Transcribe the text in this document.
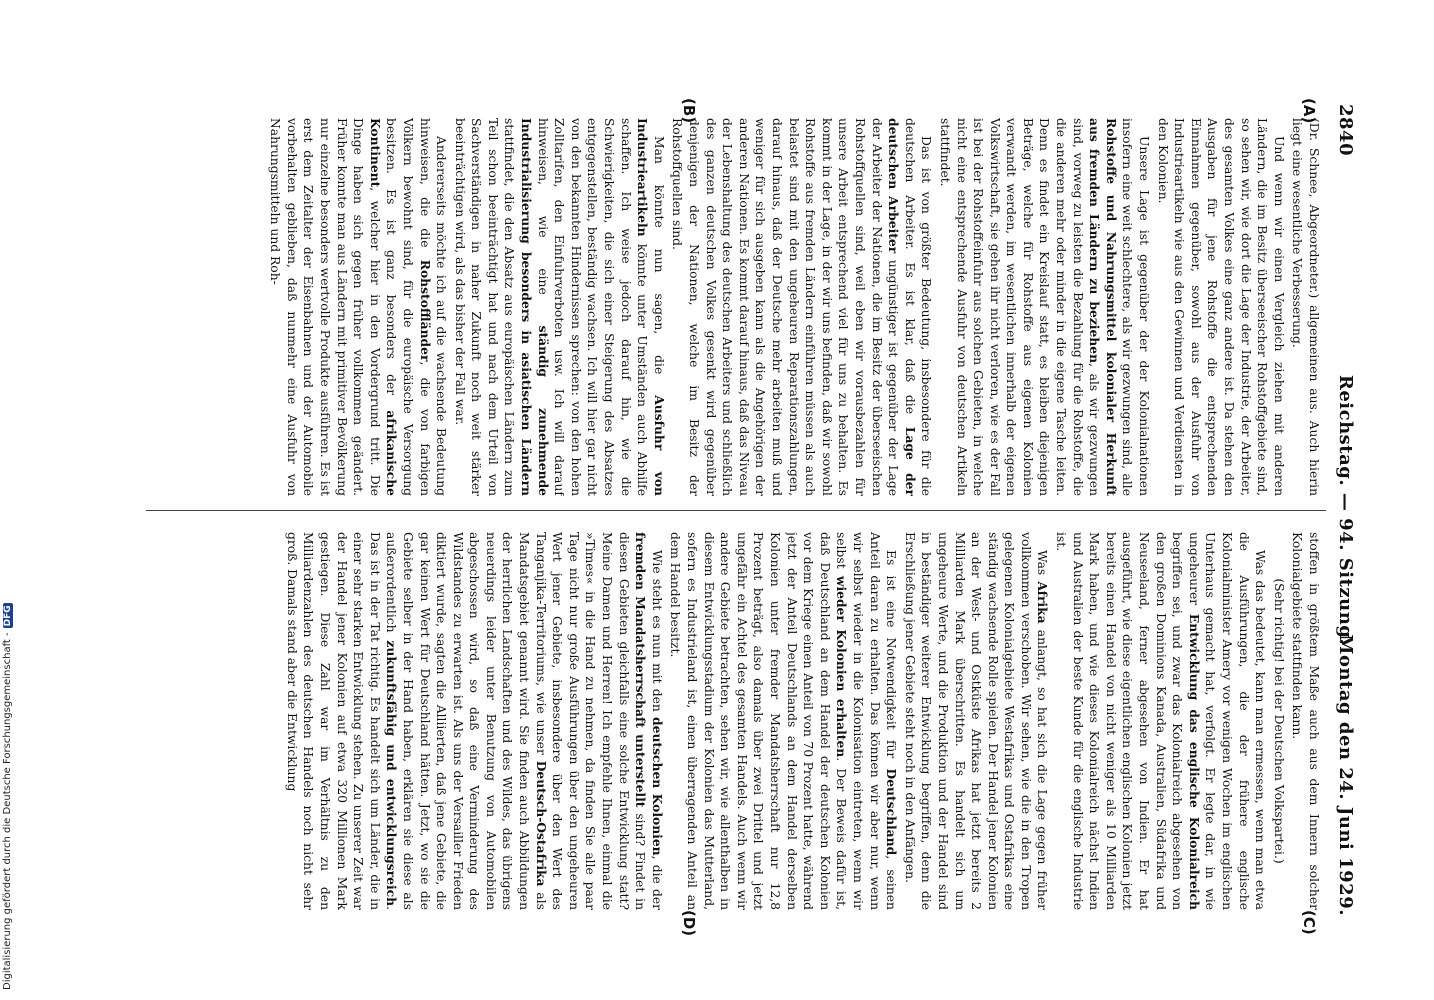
2840
Reichstag. — 94. Sitzung.
Montag den 24. Juni 1929.
(A)
(B)
(C)
(D)

(Dr. Schnee, Abgeordneter.) allgemeinen aus. Auch hierin liegt eine wesentliche Verbesserung.

Und wenn wir einen Vergleich ziehen mit anderen Ländern, die im Besitz überseeischer Rohstoffgebiete sind, so sehen wir, wie dort die Lage der Industrie, der Arbeiter, des gesamten Volkes eine ganz andere ist. Da stehen den Ausgaben für jene Rohstoffe die entsprechenden Einnahmen gegenüber, sowohl aus der Ausfuhr von Industrieartikeln wie aus den Gewinnen und Verdiensten in den Kolonien.

Unsere Lage ist gegenüber der der Kolonialnationen insofern eine weit schlechtere, als wir gezwungen sind, alle Rohstoffe und Nahrungsmittel kolonialer Herkunft aus fremden Ländern zu beziehen, als wir gezwungen sind, vorweg zu leisten die Bezahlung für die Rohstoffe, die die anderen mehr oder minder in die eigene Tasche leiten. Denn es findet ein Kreislauf statt, es bleiben diejenigen Beträge, welche für Rohstoffe aus eigenen Kolonien verwandt werden, im wesentlichen innerhalb der eigenen Volkswirtschaft, sie gehen ihr nicht verloren, wie es der Fall ist bei der Rohstoffeinfuhr aus solchen Gebieten, in welche nicht eine entsprechende Ausfuhr von deutschen Artikeln stattfindet.

Das ist von größter Bedeutung, insbesondere für die deutschen Arbeiter. Es ist klar, daß die Lage der deutschen Arbeiter ungünstiger ist gegenüber der Lage der Arbeiter der Nationen, die im Besitz der überseeischen Rohstoffquellen sind, weil eben wir vorausbezahlen für unsere Arbeit entsprechend viel für uns zu behalten. Es kommt in der Lage, in der wir uns befinden, daß wir sowohl Rohstoffe aus fremden Ländern einführen müssen als auch belastet sind mit den ungeheuren Reparationszahlungen, darauf hinaus, daß der Deutsche mehr arbeiten muß und weniger für sich ausgeben kann als die Angehörigen der anderen Nationen. Es kommt darauf hinaus, daß das Niveau der Lebenshaltung des deutschen Arbeiters und schließlich des ganzen deutschen Volkes gesenkt wird gegenüber denjenigen der Nationen, welche im Besitz der Rohstoffquellen sind.

Man könnte nun sagen, die Ausfuhr von Industrieartikeln könnte unter Umständen auch Abhilfe schaffen. Ich weise jedoch darauf hin, wie die Schwierigkeiten, die sich einer Steigerung des Absatzes entgegenstellen, beständig wachsen. Ich will hier gar nicht von den bekannten Hindernissen sprechen: von den hohen Zolltarifen, den Einfuhrverboten usw. Ich will darauf hinweisen, wie eine ständig zunehmende Industrialisierung besonders in asiatischen Ländern stattfindet, die den Absatz aus europäischen Ländern zum Teil schon beeinträchtigt hat und nach dem Urteil von Sachverständigen in naher Zukunft noch weit stärker beeinträchtigen wird, als das bisher der Fall war.

Andererseits möchte ich auf die wachsende Bedeutung hinweisen, die die Rohstoffländer, die von farbigen Völkern bewohnt sind, für die europäische Versorgung besitzen. Es ist ganz besonders der afrikanische Kontinent, welcher hier in den Vordergrund tritt. Die Dinge haben sich gegen früher vollkommen geändert. Früher konnte man aus Ländern mit primitiver Bevölkerung nur einzelne besonders wertvolle Produkte ausführen. Es ist erst dem Zeitalter der Eisenbahnen und der Automobile vorbehalten geblieben, daß nunmehr eine Ausfuhr von Nahrungsmitteln und Roh-

stoffen in größtem Maße auch aus dem Innern solcher Kolonialgebiete stattfinden kann.

(Sehr richtig! bei der Deutschen Volkspartei.)

Was das bedeutet, kann man ermessen, wenn man etwa die Ausführungen, die der frühere englische Kolonialminister Amery vor wenigen Wochen im englischen Unterhaus gemacht hat, verfolgt. Er legte dar, in wie ungeheurer Entwicklung das englische Kolonialreich begriffen sei, und zwar das Kolonialreich abgesehen von den großen Dominions Kanada, Australien, Südafrika und Neuseeland, ferner abgesehen von Indien. Er hat ausgeführt, wie diese eigentlichen englischen Kolonien jetzt bereits einen Handel von nicht weniger als 10 Milliarden Mark haben, und wie dieses Kolonialreich nächst Indien und Australien der beste Kunde für die englische Industrie ist.

Was Afrika anlangt, so hat sich die Lage gegen früher vollkommen verschoben. Wir sehen, wie die in den Tropen gelegenen Kolonialgebiete Westafrikas und Ostafrikas eine ständig wachsende Rolle spielen. Der Handel jener Kolonien an der West- und Ostküste Afrikas hat jetzt bereits 2 Milliarden Mark überschritten. Es handelt sich um ungeheure Werte, und die Produktion und der Handel sind in beständiger weiterer Entwicklung begriffen, denn die Erschließung jener Gebiete steht noch in den Anfängen.

Es ist eine Notwendigkeit für Deutschland, seinen Anteil daran zu erhalten. Das können wir aber nur, wenn wir selbst wieder in die Kolonisation eintreten, wenn wir selbst wieder Kolonien erhalten. Der Beweis dafür ist, daß Deutschland an dem Handel der deutschen Kolonien vor dem Kriege einen Anteil von 70 Prozent hatte, während jetzt der Anteil Deutschlands an dem Handel derselben Kolonien unter fremder Mandatsherrschaft nur 12,8 Prozent beträgt, also damals über zwei Drittel und jetzt ungefähr ein Achtel des gesamten Handels. Auch wenn wir andere Gebiete betrachten, sehen wir, wie allenthalben in diesem Entwicklungsstadium der Kolonien das Mutterland, sofern es Industrieland ist, einen überragenden Anteil an dem Handel besitzt.

Wie steht es nun mit den deutschen Kolonien, die der fremden Mandatsherrschaft unterstellt sind? Findet in diesen Gebieten gleichfalls eine solche Entwicklung statt? Meine Damen und Herren! Ich empfehle Ihnen, einmal die »Times« in die Hand zu nehmen, da finden Sie alle paar Tage nicht nur große Ausführungen über den ungeheuren Wert jener Gebiete, insbesondere über den Wert des Tanganjika-Territoriums, wie unser Deutsch-Ostafrika als Mandatsgebiet genannt wird. Sie finden auch Abbildungen der herrlichen Landschaften und des Wildes, das übrigens neuerdings leider unter Benutzung von Automobilen abgeschossen wird, so daß eine Verminderung des Wildstandes zu erwarten ist. Als uns der Versailler Frieden diktiert wurde, sagten die Alliierten, daß jene Gebiete, die gar keinen Wert für Deutschland hätten. Jetzt, wo sie die Gebiete selber in der Hand haben, erklären sie diese als außerordentlich zukunftsfähig und entwicklungsreich. Das ist in der Tat richtig. Es handelt sich um Länder, die in einer sehr starken Entwicklung stehen. Zu unserer Zeit war der Handel jener Kolonien auf etwa 320 Millionen Mark gestiegen. Diese Zahl war im Verhältnis zu den Milliardenzahlen des deutschen Handels noch nicht sehr groß. Damals stand aber die Entwicklung

Digitalisierung gefördert durch die Deutsche Forschungsgemeinschaft -DFG
